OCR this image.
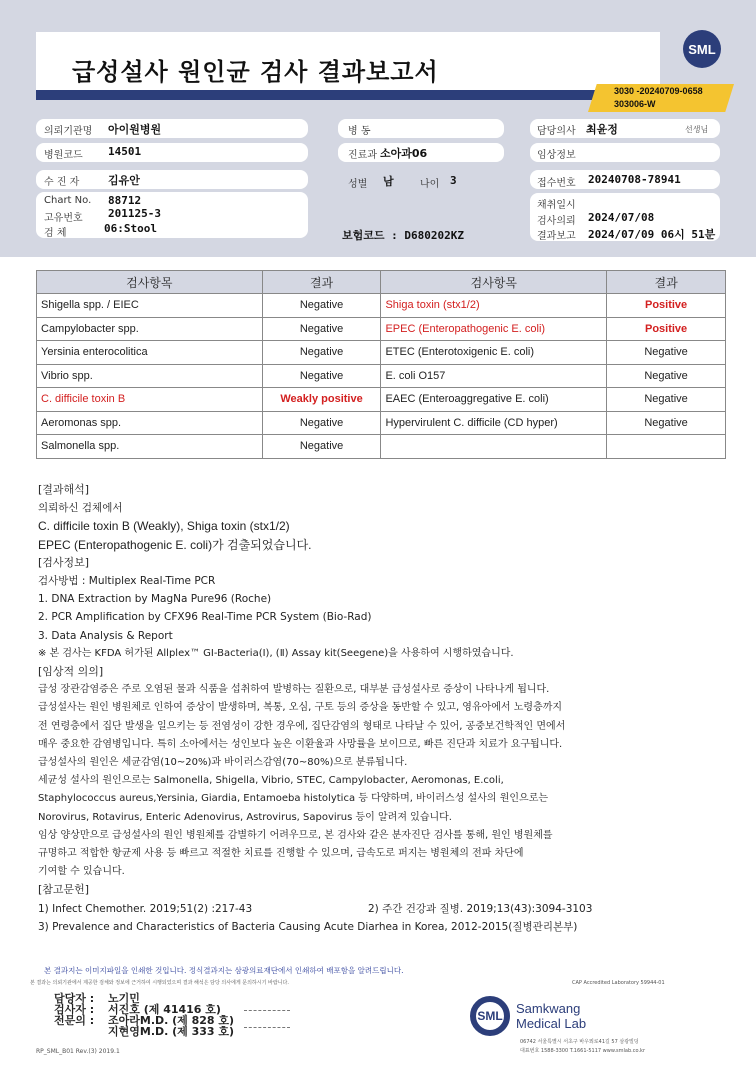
급성설사 원인균 검사 결과보고서
SML
3030 -20240709-0658
303006-W
의뢰기관명 아이원병원	병 동	담당의사 최윤정	선생님
병원코드 14501	진료과 소아과06	임상정보
수 진 자	김유안	성별 남	나이 3	접수번호 20240708-78941
Chart No. 88712
고유번호 201125-3
검 체	06:Stool
보험코드 : D680202KZ
채취일시
검사의뢰 2024/07/08
결과보고 2024/07/09 06시 51분
검사항목	결과	검사항목	결과
Shigella spp. / EIEC	Negative	Shiga toxin (stx1/2)	Positive
Campylobacter spp.	Negative	EPEC (Enteropathogenic E. coli)	Positive
Yersinia enterocolitica	Negative	ETEC (Enterotoxigenic E. coli)	Negative
Vibrio spp.	Negative	E. coli O157	Negative
C. difficile toxin B	Weakly positive	EAEC (Enteroaggregative E. coli)	Negative
Aeromonas spp.	Negative	Hypervirulent C. difficile (CD hyper)	Negative
Salmonella spp.	Negative		
[결과해석]
의뢰하신 검체에서
C. difficile toxin B (Weakly), Shiga toxin (stx1/2)
EPEC (Enteropathogenic E. coli)가 검출되었습니다.
[검사정보]
검사방법 : Multiplex Real-Time PCR
1. DNA Extraction by MagNa Pure96 (Roche)
2. PCR Amplification by CFX96 Real-Time PCR System (Bio-Rad)
3. Data Analysis & Report
※ 본 검사는 KFDA 허가된 Allplex™ GI-Bacteria(Ⅰ), (Ⅱ) Assay kit(Seegene)을 사용하여 시행하였습니다.
[임상적 의의]
급성 장관감염증은 주로 오염된 물과 식품을 섭취하여 발병하는 질환으로, 대부분 급성설사로 증상이 나타나게 됩니다.
급성설사는 원인 병원체로 인하여 증상이 발생하며, 복통, 오심, 구토 등의 증상을 동반할 수 있고, 영유아에서 노령층까지
전 연령층에서 집단 발생을 일으키는 등 전염성이 강한 경우에, 집단감염의 형태로 나타날 수 있어, 공중보건학적인 면에서
매우 중요한 감염병입니다. 특히 소아에서는 성인보다 높은 이환율과 사망률을 보이므로, 빠른 진단과 치료가 요구됩니다.
급성설사의 원인은 세균감염(10~20%)과 바이러스감염(70~80%)으로 분류됩니다.
세균성 설사의 원인으로는 Salmonella, Shigella, Vibrio, STEC, Campylobacter, Aeromonas, E.coli,
Staphylococcus aureus,Yersinia, Giardia, Entamoeba histolytica 등 다양하며, 바이러스성 설사의 원인으로는
Norovirus, Rotavirus, Enteric Adenovirus, Astrovirus, Sapovirus 등이 알려져 있습니다.
임상 양상만으로 급성설사의 원인 병원체를 감별하기 어려우므로, 본 검사와 같은 분자진단 검사를 통해, 원인 병원체를
규명하고 적합한 항균제 사용 등 빠르고 적절한 치료를 진행할 수 있으며, 급속도로 퍼지는 병원체의 전파 차단에
기여할 수 있습니다.
[참고문헌]
1) Infect Chemother. 2019;51(2) :217-43	2) 주간 건강과 질병. 2019;13(43):3094-3103
3) Prevalence and Characteristics of Bacteria Causing Acute Diarhea in Korea, 2012-2015(질병관리본부)
본 결과지는 이미지파일을 인쇄한 것입니다. 정식결과지는 삼광의료재단에서 인쇄하여 배포함을 알려드립니다.
본 결과는 의뢰기관에서 제공한 검체와 정보에 근거하여 시행되었으며 결과 해석은 담당 의사에게 문의하시기 바랍니다.	CAP Accredited Laboratory 59944-01
담당자 : 노기민
검사자 : 서진호 (제 41416 호)
전문의 : 조아라M.D. (제 828 호)
지현영M.D. (제 333 호)
RP_SML_B01 Rev.(3) 2019.1
SML	Samkwang
Medical Lab
06742 서울특별시 서초구 바우뫼로41길 57 삼광빌딩
대표번호 1588-3300 T.1661-5117 www.smlab.co.kr
